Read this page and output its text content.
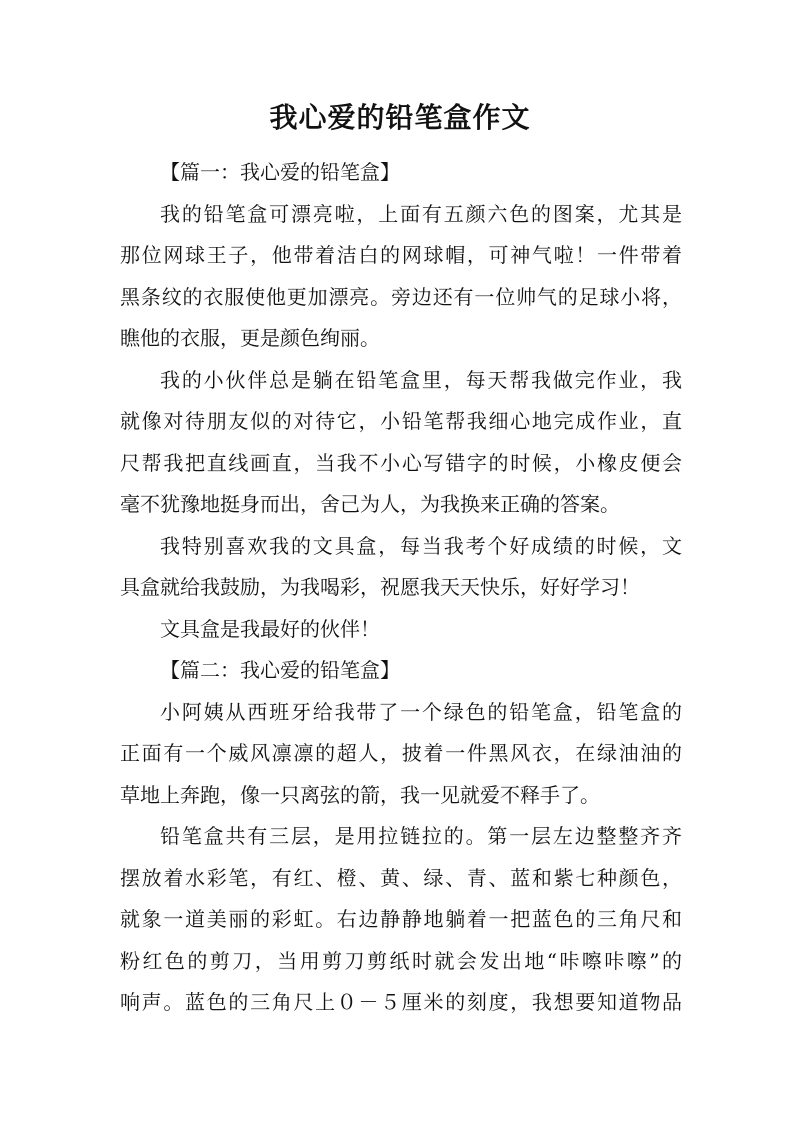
我心爱的铅笔盒作文
【篇一：我心爱的铅笔盒】
我的铅笔盒可漂亮啦，上面有五颜六色的图案，尤其是
那位网球王子，他带着洁白的网球帽，可神气啦！一件带着
黑条纹的衣服使他更加漂亮。旁边还有一位帅气的足球小将，
瞧他的衣服，更是颜色绚丽。
我的小伙伴总是躺在铅笔盒里，每天帮我做完作业，我
就像对待朋友似的对待它，小铅笔帮我细心地完成作业，直
尺帮我把直线画直，当我不小心写错字的时候，小橡皮便会
毫不犹豫地挺身而出，舍己为人，为我换来正确的答案。
我特别喜欢我的文具盒，每当我考个好成绩的时候，文
具盒就给我鼓励，为我喝彩，祝愿我天天快乐，好好学习！
文具盒是我最好的伙伴！
【篇二：我心爱的铅笔盒】
小阿姨从西班牙给我带了一个绿色的铅笔盒，铅笔盒的
正面有一个威风凛凛的超人，披着一件黑风衣，在绿油油的
草地上奔跑，像一只离弦的箭，我一见就爱不释手了。
铅笔盒共有三层，是用拉链拉的。第一层左边整整齐齐
摆放着水彩笔，有红、橙、黄、绿、青、蓝和紫七种颜色，
就象一道美丽的彩虹。右边静静地躺着一把蓝色的三角尺和
粉红色的剪刀，当用剪刀剪纸时就会发出地“咔嚓咔嚓”的
响声。蓝色的三角尺上０－５厘米的刻度，我想要知道物品
